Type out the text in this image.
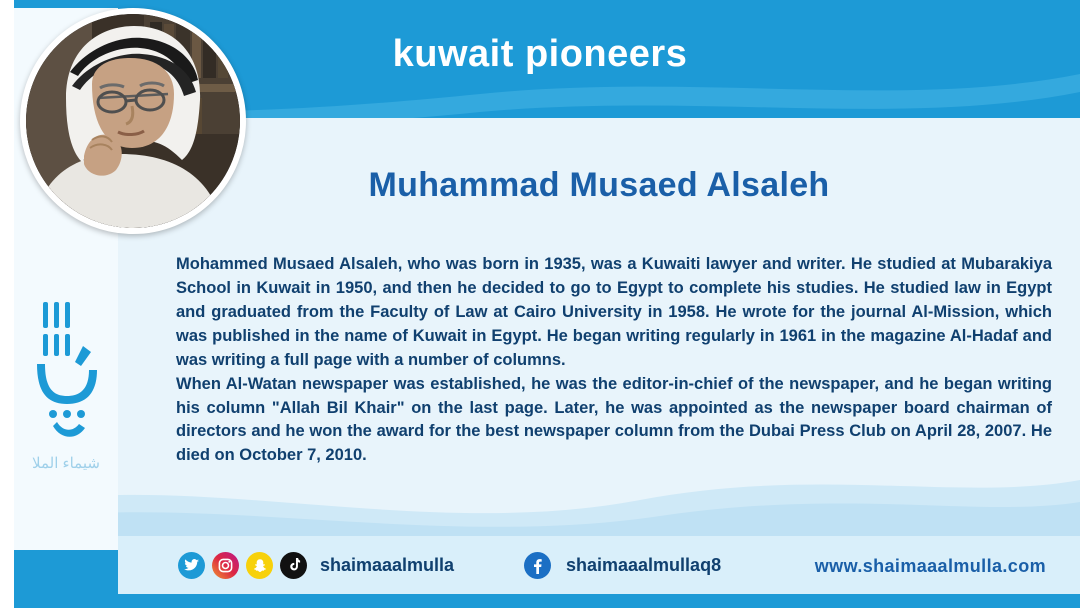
kuwait pioneers
شيماء الملا
Muhammad Musaed Alsaleh

Mohammed Musaed Alsaleh, who was born in 1935, was a Kuwaiti lawyer and writer. He studied at Mubarakiya School in Kuwait in 1950, and then he decided to go to Egypt to complete his studies. He studied law in Egypt and graduated from the Faculty of Law at Cairo University in 1958. He wrote for the journal Al-Mission, which was published in the name of Kuwait in Egypt. He began writing regularly in 1961 in the magazine Al-Hadaf and was writing a full page with a number of columns.

When Al-Watan newspaper was established, he was the editor-in-chief of the newspaper, and he began writing his column "Allah Bil Khair" on the last page. Later, he was appointed as the newspaper board chairman of directors and he won the award for the best newspaper column from the Dubai Press Club on April 28, 2007. He died on October 7, 2010.

shaimaaalmulla	shaimaaalmullaq8	www.shaimaaalmulla.com
